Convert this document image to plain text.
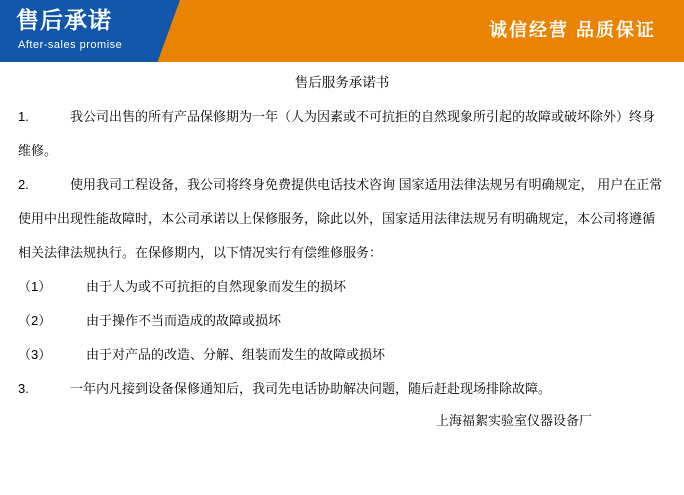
售后承诺
After-sales promise
诚信经营 品质保证
售后服务承诺书

1.	我公司出售的所有产品保修期为一年（人为因素或不可抗拒的自然现象所引起的故障或破坏除外）终身维修。

2.	使用我司工程设备，我公司将终身免费提供电话技术咨询 国家适用法律法规另有明确规定， 用户在正常使用中出现性能故障时，本公司承诺以上保修服务，除此以外，国家适用法律法规另有明确规定，本公司将遵循相关法律法规执行。在保修期内，以下情况实行有偿维修服务：

（1）	由于人为或不可抗拒的自然现象而发生的损坏

（2）	由于操作不当而造成的故障或损坏

（3）	由于对产品的改造、分解、组装而发生的故障或损坏

3.	一年内凡接到设备保修通知后，我司先电话协助解决问题，随后赶赴现场排除故障。

上海福絮实验室仪器设备厂
